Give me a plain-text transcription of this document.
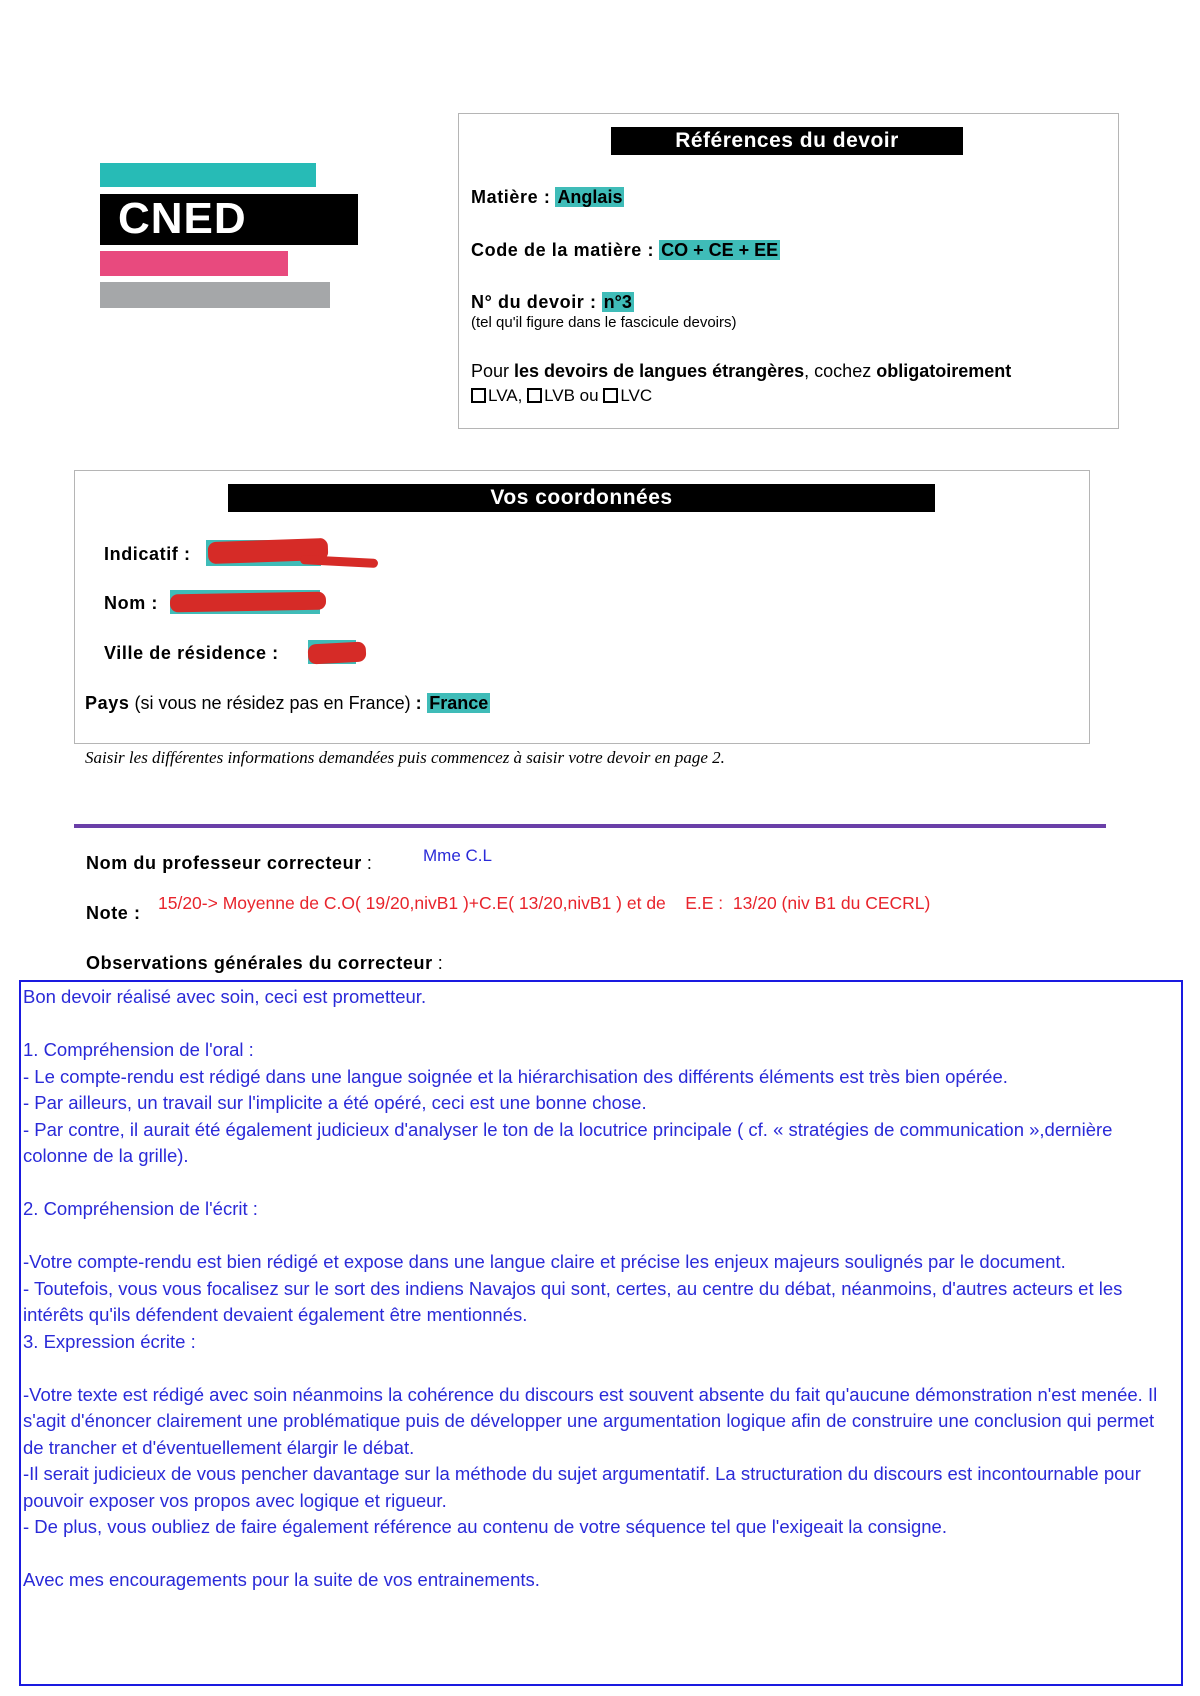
CNED
Références du devoir
Matière : Anglais
Code de la matière : CO + CE + EE
N° du devoir : n°3
(tel qu'il figure dans le fascicule devoirs)
Pour les devoirs de langues étrangères, cochez obligatoirement
LVA, LVB ou LVC
Vos coordonnées
Indicatif :
Nom :
Ville de résidence :
Pays (si vous ne résidez pas en France) : France
Saisir les différentes informations demandées puis commencez à saisir votre devoir en page 2.
Nom du professeur correcteur :	Mme C.L
Note : 15/20-> Moyenne de C.O( 19/20,nivB1 )+C.E( 13/20,nivB1 ) et de    E.E :  13/20 (niv B1 du CECRL)
Observations générales du correcteur :

Bon devoir réalisé avec soin, ceci est prometteur.

1. Compréhension de l'oral :

- Le compte-rendu est rédigé dans une langue soignée et la hiérarchisation des différents éléments est très bien opérée.

- Par ailleurs, un travail sur l'implicite a été opéré, ceci est une bonne chose.

- Par contre, il aurait été également judicieux d'analyser le ton de la locutrice principale ( cf. « stratégies de communication »,dernière colonne de la grille).

2. Compréhension de l'écrit :

-Votre compte-rendu est bien rédigé et expose dans une langue claire et précise les enjeux majeurs soulignés par le document.

- Toutefois, vous vous focalisez sur le sort des indiens Navajos qui sont, certes, au centre du débat, néanmoins, d'autres acteurs et les intérêts qu'ils défendent devaient également être mentionnés.

3. Expression écrite :

-Votre texte est rédigé avec soin néanmoins la cohérence du discours est souvent absente du fait qu'aucune démonstration n'est menée. Il s'agit d'énoncer clairement une problématique puis de développer une argumentation logique afin de construire une conclusion qui permet de trancher et d'éventuellement élargir le débat.

-Il serait judicieux de vous pencher davantage sur la méthode du sujet argumentatif. La structuration du discours est incontournable pour pouvoir exposer vos propos avec logique et rigueur.

- De plus, vous oubliez de faire également référence au contenu de votre séquence tel que l'exigeait la consigne.

Avec mes encouragements pour la suite de vos entrainements.
